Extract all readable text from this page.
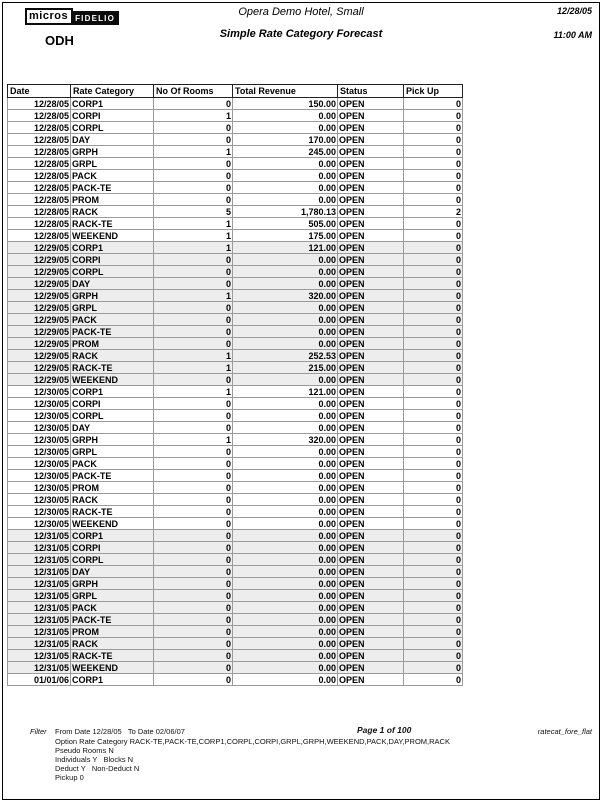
micros FIDELIO
ODH
Opera Demo Hotel, Small
Simple Rate Category Forecast
12/28/05
11:00 AM
Date	Rate Category	No Of Rooms	Total Revenue	Status	Pick Up
12/28/05	CORP1	0	150.00	OPEN	0
12/28/05	CORPI	1	0.00	OPEN	0
12/28/05	CORPL	0	0.00	OPEN	0
12/28/05	DAY	0	170.00	OPEN	0
12/28/05	GRPH	1	245.00	OPEN	0
12/28/05	GRPL	0	0.00	OPEN	0
12/28/05	PACK	0	0.00	OPEN	0
12/28/05	PACK-TE	0	0.00	OPEN	0
12/28/05	PROM	0	0.00	OPEN	0
12/28/05	RACK	5	1,780.13	OPEN	2
12/28/05	RACK-TE	1	505.00	OPEN	0
12/28/05	WEEKEND	1	175.00	OPEN	0
12/29/05	CORP1	1	121.00	OPEN	0
12/29/05	CORPI	0	0.00	OPEN	0
12/29/05	CORPL	0	0.00	OPEN	0
12/29/05	DAY	0	0.00	OPEN	0
12/29/05	GRPH	1	320.00	OPEN	0
12/29/05	GRPL	0	0.00	OPEN	0
12/29/05	PACK	0	0.00	OPEN	0
12/29/05	PACK-TE	0	0.00	OPEN	0
12/29/05	PROM	0	0.00	OPEN	0
12/29/05	RACK	1	252.53	OPEN	0
12/29/05	RACK-TE	1	215.00	OPEN	0
12/29/05	WEEKEND	0	0.00	OPEN	0
12/30/05	CORP1	1	121.00	OPEN	0
12/30/05	CORPI	0	0.00	OPEN	0
12/30/05	CORPL	0	0.00	OPEN	0
12/30/05	DAY	0	0.00	OPEN	0
12/30/05	GRPH	1	320.00	OPEN	0
12/30/05	GRPL	0	0.00	OPEN	0
12/30/05	PACK	0	0.00	OPEN	0
12/30/05	PACK-TE	0	0.00	OPEN	0
12/30/05	PROM	0	0.00	OPEN	0
12/30/05	RACK	0	0.00	OPEN	0
12/30/05	RACK-TE	0	0.00	OPEN	0
12/30/05	WEEKEND	0	0.00	OPEN	0
12/31/05	CORP1	0	0.00	OPEN	0
12/31/05	CORPI	0	0.00	OPEN	0
12/31/05	CORPL	0	0.00	OPEN	0
12/31/05	DAY	0	0.00	OPEN	0
12/31/05	GRPH	0	0.00	OPEN	0
12/31/05	GRPL	0	0.00	OPEN	0
12/31/05	PACK	0	0.00	OPEN	0
12/31/05	PACK-TE	0	0.00	OPEN	0
12/31/05	PROM	0	0.00	OPEN	0
12/31/05	RACK	0	0.00	OPEN	0
12/31/05	RACK-TE	0	0.00	OPEN	0
12/31/05	WEEKEND	0	0.00	OPEN	0
01/01/06	CORP1	0	0.00	OPEN	0
Filter From Date 12/28/05   To Date 02/06/07	Page 1 of 100	ratecat_fore_flat
Option Rate Category RACK-TE,PACK-TE,CORP1,CORPL,CORPI,GRPL,GRPH,WEEKEND,PACK,DAY,PROM,RACK
Pseudo Rooms N
Individuals Y   Blocks N
Deduct Y   Non-Deduct N
Pickup 0
